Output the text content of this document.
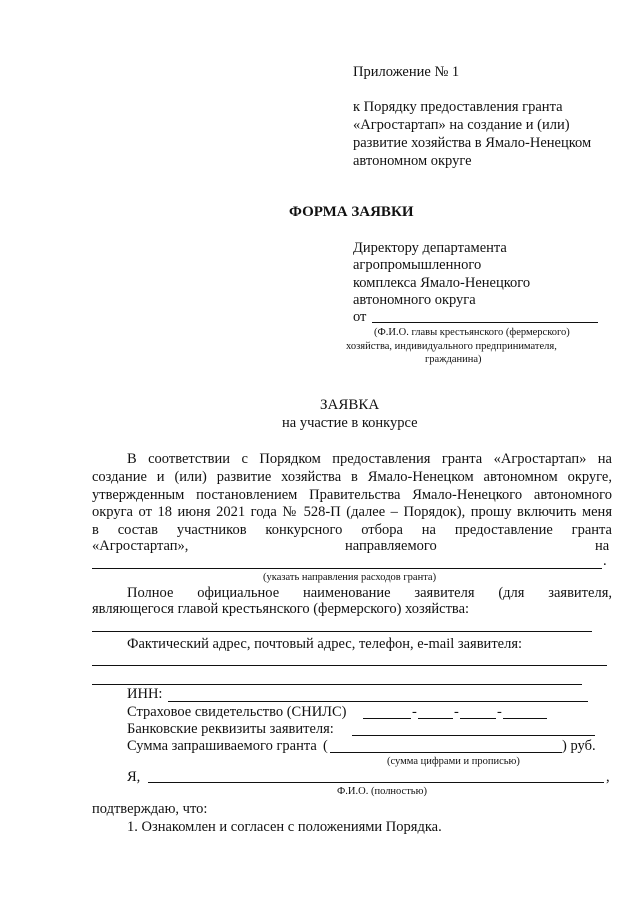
Приложение № 1
к Порядку предоставления гранта
«Агростартап» на создание и (или)
развитие хозяйства в Ямало-Ненецком
автономном округе
ФОРМА ЗАЯВКИ
Директору департамента
агропромышленного
комплекса Ямало-Ненецкого
автономного округа
от
(Ф.И.О. главы крестьянского (фермерского)
хозяйства, индивидуального предпринимателя,
гражданина)
ЗАЯВКА
на участие в конкурсе
В соответствии с Порядком предоставления гранта «Агростартап» на
создание и (или) развитие хозяйства в Ямало-Ненецком автономном округе,
утвержденным постановлением Правительства Ямало-Ненецкого автономного
округа от 18 июня 2021 года № 528-П (далее – Порядок), прошу включить меня
в состав участников конкурсного отбора на предоставление гранта
«Агростартап»,	направляемого	на
.
(указать направления расходов гранта)
Полное официальное наименование заявителя (для заявителя,
являющегося главой крестьянского (фермерского) хозяйства:
Фактический адрес, почтовый адрес, телефон, e-mail заявителя:
ИНН:
Страховое свидетельство (СНИЛС)	-	-	-
Банковские реквизиты заявителя:
Сумма запрашиваемого гранта (	) руб.
(сумма цифрами и прописью)
Я,	,
Ф.И.О. (полностью)
подтверждаю, что:
1. Ознакомлен и согласен с положениями Порядка.
